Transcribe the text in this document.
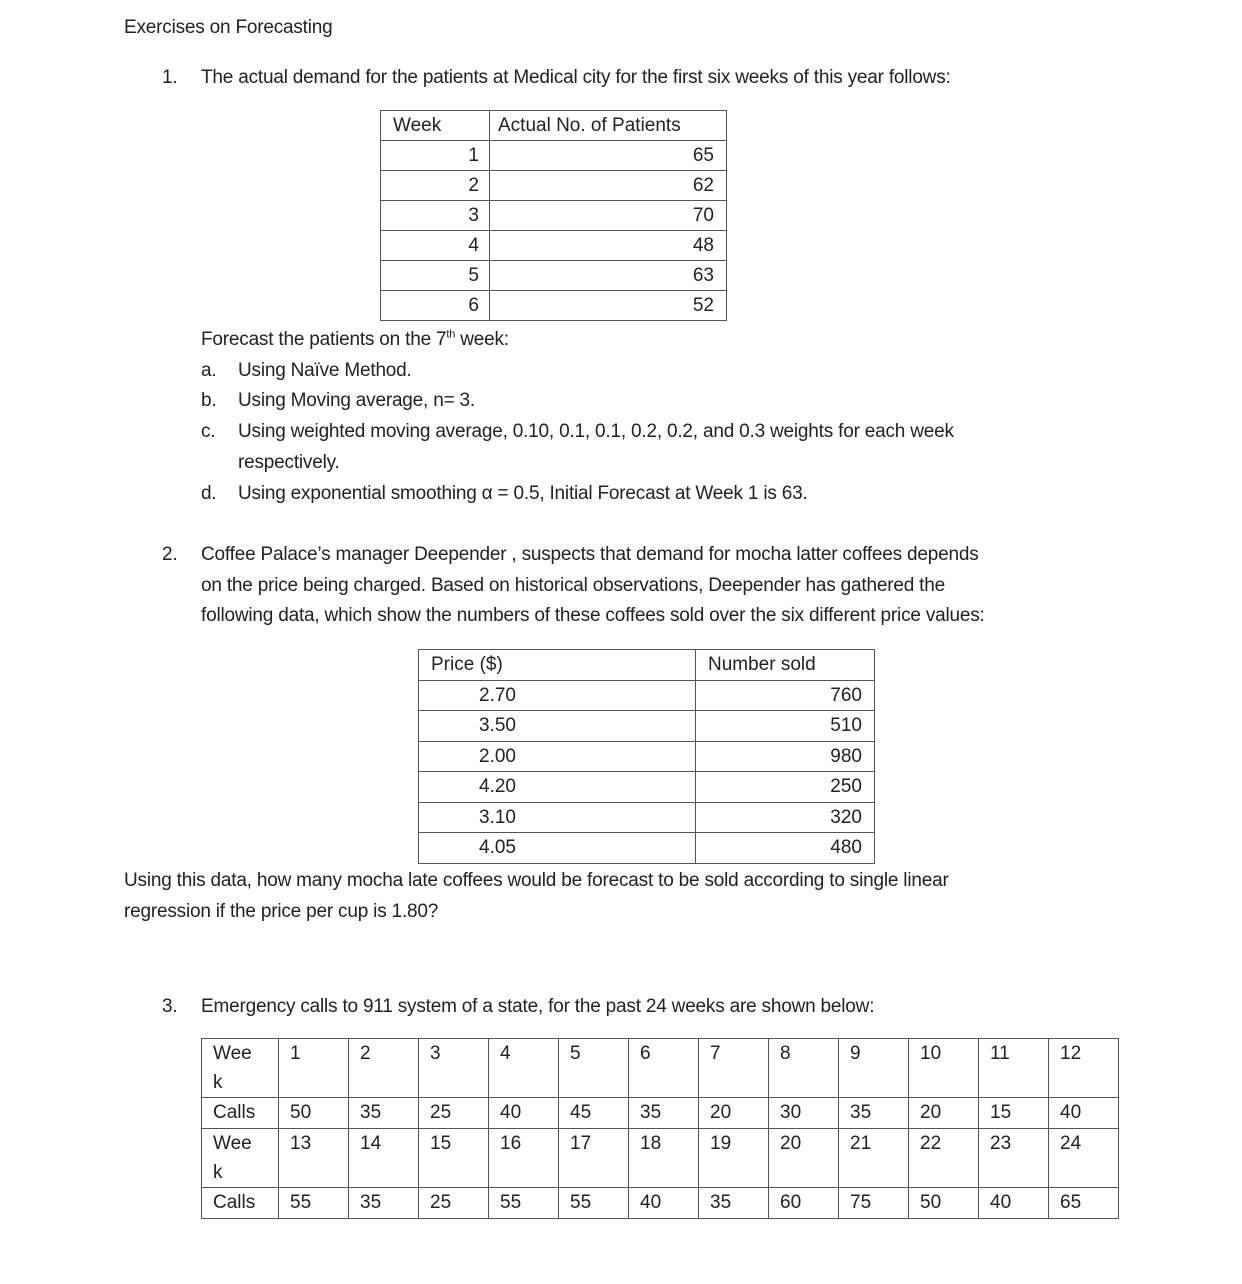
Exercises on Forecasting
1. The actual demand for the patients at Medical city for the first six weeks of this year follows:
Week	Actual No. of Patients
1	65
2	62
3	70
4	48
5	63
6	52
Forecast the patients on the 7th week:
a. Using Naïve Method.
b. Using Moving average, n= 3.
c. Using weighted moving average, 0.10, 0.1, 0.1, 0.2, 0.2, and 0.3 weights for each week
respectively.
d. Using exponential smoothing α = 0.5, Initial Forecast at Week 1 is 63.
2. Coffee Palace’s manager Deepender , suspects that demand for mocha latter coffees depends
on the price being charged. Based on historical observations, Deepender has gathered the
following data, which show the numbers of these coffees sold over the six different price values:
Price ($)	Number sold
2.70	760
3.50	510
2.00	980
4.20	250
3.10	320
4.05	480
Using this data, how many mocha late coffees would be forecast to be sold according to single linear
regression if the price per cup is 1.80?
3. Emergency calls to 911 system of a state, for the past 24 weeks are shown below:
Wee
k	1	2	3	4	5	6	7	8	9	10	11	12
Calls	50	35	25	40	45	35	20	30	35	20	15	40
Wee
k	13	14	15	16	17	18	19	20	21	22	23	24
Calls	55	35	25	55	55	40	35	60	75	50	40	65
